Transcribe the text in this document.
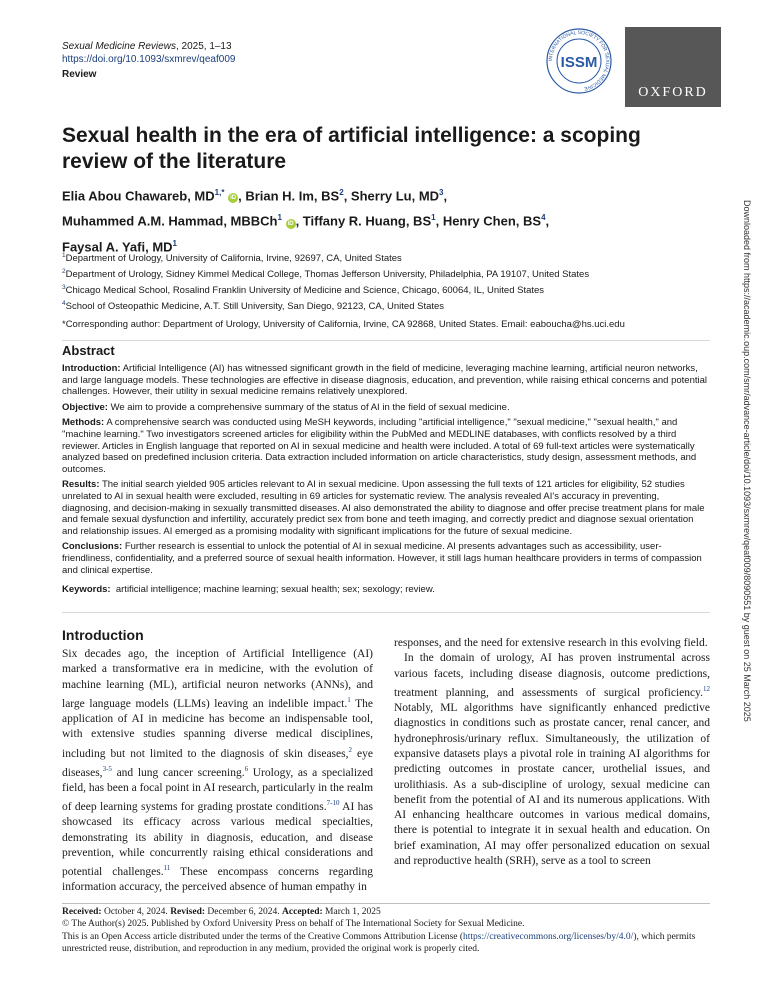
Sexual Medicine Reviews, 2025, 1–13
https://doi.org/10.1093/sxmrev/qeaf009
Review
INTERNATIONAL SOCIETY FOR SEXUAL MEDICINE
ISSM
OXFORD
Sexual health in the era of artificial intelligence: a scoping review of the literature
Elia Abou Chawareb, $MD^{1,*}$ iD , Brian H. Im, $BS^2$, Sherry Lu, $MD^3$,
Muhammed A.M. Hammad, MBBCh$^1$ iD , Tiffany R. Huang, $BS^1$, Henry Chen, $BS^4$,
Faysal A. Yafi, $MD^1$
$^1$Department of Urology, University of California, Irvine, 92697, CA, United States
$^2$Department of Urology, Sidney Kimmel Medical College, Thomas Jefferson University, Philadelphia, PA 19107, United States
$^3$Chicago Medical School, Rosalind Franklin University of Medicine and Science, Chicago, 60064, IL, United States
$^4$School of Osteopathic Medicine, A.T. Still University, San Diego, 92123, CA, United States
*Corresponding author: Department of Urology, University of California, Irvine, CA 92868, United States. Email: eaboucha@hs.uci.edu
Abstract

Introduction: Artificial Intelligence (AI) has witnessed significant growth in the field of medicine, leveraging machine learning, artificial neuron networks, and large language models. These technologies are effective in disease diagnosis, education, and prevention, while raising ethical concerns and potential challenges. However, their utility in sexual medicine remains relatively unexplored.

Objective: We aim to provide a comprehensive summary of the status of AI in the field of sexual medicine.

Methods: A comprehensive search was conducted using MeSH keywords, including "artificial intelligence," "sexual medicine," "sexual health," and "machine learning." Two investigators screened articles for eligibility within the PubMed and MEDLINE databases, with conflicts resolved by a third reviewer. Articles in English language that reported on AI in sexual medicine and health were included. A total of 69 full-text articles were systematically analyzed based on predefined inclusion criteria. Data extraction included information on article characteristics, study design, assessment methods, and outcomes.

Results: The initial search yielded 905 articles relevant to AI in sexual medicine. Upon assessing the full texts of 121 articles for eligibility, 52 studies unrelated to AI in sexual health were excluded, resulting in 69 articles for systematic review. The analysis revealed AI's accuracy in preventing, diagnosing, and decision-making in sexually transmitted diseases. AI also demonstrated the ability to diagnose and offer precise treatment plans for male and female sexual dysfunction and infertility, accurately predict sex from bone and teeth imaging, and correctly predict and diagnose sexual orientation and relationship issues. AI emerged as a promising modality with significant implications for the future of sexual medicine.

Conclusions: Further research is essential to unlock the potential of AI in sexual medicine. AI presents advantages such as accessibility, user-friendliness, confidentiality, and a preferred source of sexual health information. However, it still lags human healthcare providers in terms of compassion and clinical expertise.

Keywords: artificial intelligence; machine learning; sexual health; sex; sexology; review.
Introduction

Six decades ago, the inception of Artificial Intelligence (AI) marked a transformative era in medicine, with the evolution of machine learning (ML), artificial neuron networks (ANNs), and large language models (LLMs) leaving an indelible impact.$^1$ The application of AI in medicine has become an indispensable tool, with extensive studies spanning diverse medical disciplines, including but not limited to the diagnosis of skin diseases,$^2$ eye diseases,$^{3-5}$ and lung cancer screening.$^6$ Urology, as a specialized field, has been a focal point in AI research, particularly in the realm of deep learning systems for grading prostate conditions.$^{7-10}$ AI has showcased its efficacy across various medical specialties, demonstrating its ability in diagnosis, education, and disease prevention, while concurrently raising ethical considerations and potential challenges.$^{11}$ These encompass concerns regarding information accuracy, the perceived absence of human empathy in

responses, and the need for extensive research in this evolving field.

In the domain of urology, AI has proven instrumental across various facets, including disease diagnosis, outcome predictions, treatment planning, and assessments of surgical proficiency.$^{12}$ Notably, ML algorithms have significantly enhanced predictive diagnostics in conditions such as prostate cancer, renal cancer, and hydronephrosis/urinary reflux. Simultaneously, the utilization of expansive datasets plays a pivotal role in training AI algorithms for predicting outcomes in prostate cancer, urothelial issues, and urolithiasis. As a sub-discipline of urology, sexual medicine can benefit from the potential of AI and its numerous applications. With AI enhancing healthcare outcomes in various medical domains, there is potential to integrate it in sexual health and education. On brief examination, AI may offer personalized education on sexual and reproductive health (SRH), serve as a tool to screen

Received: October 4, 2024. Revised: December 6, 2024. Accepted: March 1, 2025
© The Author(s) 2025. Published by Oxford University Press on behalf of The International Society for Sexual Medicine.
This is an Open Access article distributed under the terms of the Creative Commons Attribution License (https://creativecommons.org/licenses/by/4.0/), which permits unrestricted reuse, distribution, and reproduction in any medium, provided the original work is properly cited.
Downloaded from https://academic.oup.com/smr/advance-article/doi/10.1093/sxmrev/qeaf009/8090551 by guest on 25 March 2025
